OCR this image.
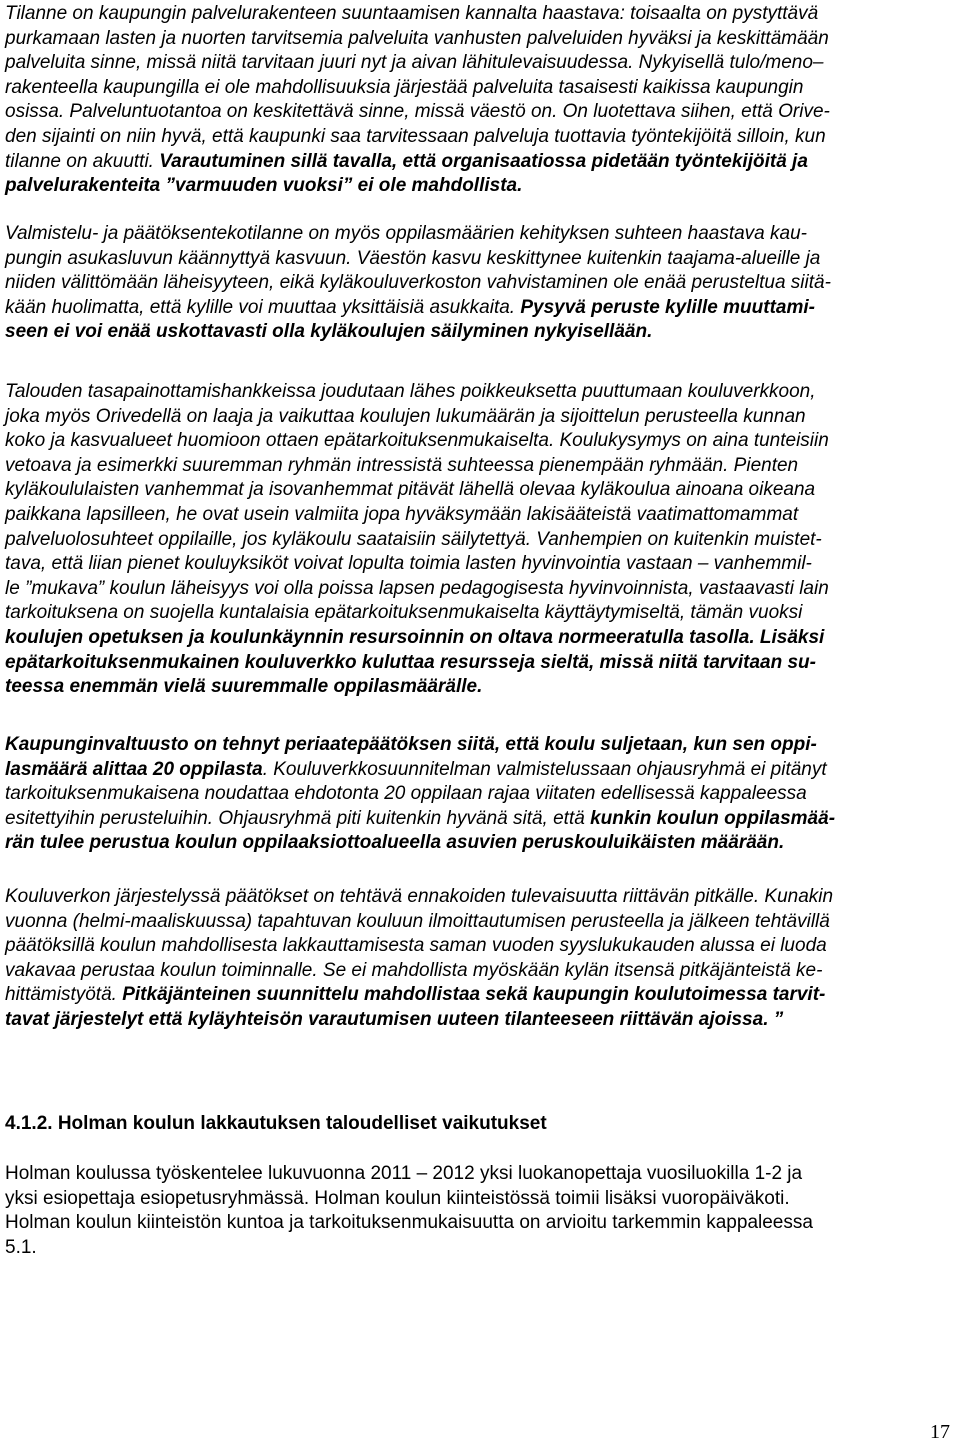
Tilanne on kaupungin palvelurakenteen suuntaamisen kannalta haastava: toisaalta on pystyttävä
purkamaan lasten ja nuorten tarvitsemia palveluita vanhusten palveluiden hyväksi ja keskittämään
palveluita sinne, missä niitä tarvitaan juuri nyt ja aivan lähitulevaisuudessa. Nykyisellä tulo/meno–
rakenteella kaupungilla ei ole mahdollisuuksia järjestää palveluita tasaisesti kaikissa kaupungin
osissa. Palveluntuotantoa on keskitettävä sinne, missä väestö on. On luotettava siihen, että Orive-
den sijainti on niin hyvä, että kaupunki saa tarvitessaan palveluja tuottavia työntekijöitä silloin, kun
tilanne on akuutti. Varautuminen sillä tavalla, että organisaatiossa pidetään työntekijöitä ja
palvelurakenteita ”varmuuden vuoksi” ei ole mahdollista.
Valmistelu- ja päätöksentekotilanne on myös oppilasmäärien kehityksen suhteen haastava kau-
pungin asukasluvun käännyttyä kasvuun. Väestön kasvu keskittynee kuitenkin taajama-alueille ja
niiden välittömään läheisyyteen, eikä kyläkouluverkoston vahvistaminen ole enää perusteltua siitä-
kään huolimatta, että kylille voi muuttaa yksittäisiä asukkaita. Pysyvä peruste kylille muuttami-
seen ei voi enää uskottavasti olla kyläkoulujen säilyminen nykyisellään.
Talouden tasapainottamishankkeissa joudutaan lähes poikkeuksetta puuttumaan kouluverkkoon,
joka myös Orivedellä on laaja ja vaikuttaa koulujen lukumäärän ja sijoittelun perusteella kunnan
koko ja kasvualueet huomioon ottaen epätarkoituksenmukaiselta. Koulukysymys on aina tunteisiin
vetoava ja esimerkki suuremman ryhmän intressistä suhteessa pienempään ryhmään. Pienten
kyläkoululaisten vanhemmat ja isovanhemmat pitävät lähellä olevaa kyläkoulua ainoana oikeana
paikkana lapsilleen, he ovat usein valmiita jopa hyväksymään lakisääteistä vaatimattomammat
palveluolosuhteet oppilaille, jos kyläkoulu saataisiin säilytettyä. Vanhempien on kuitenkin muistet-
tava, että liian pienet kouluyksiköt voivat lopulta toimia lasten hyvinvointia vastaan – vanhemmil-
le ”mukava” koulun läheisyys voi olla poissa lapsen pedagogisesta hyvinvoinnista, vastaavasti lain
tarkoituksena on suojella kuntalaisia epätarkoituksenmukaiselta käyttäytymiseltä, tämän vuoksi
koulujen opetuksen ja koulunkäynnin resursoinnin on oltava normeeratulla tasolla. Lisäksi
epätarkoituksenmukainen kouluverkko kuluttaa resursseja sieltä, missä niitä tarvitaan su-
teessa enemmän vielä suuremmalle oppilasmäärälle.
Kaupunginvaltuusto on tehnyt periaatepäätöksen siitä, että koulu suljetaan, kun sen oppi-
lasmäärä alittaa 20 oppilasta. Kouluverkkosuunnitelman valmistelussaan ohjausryhmä ei pitänyt
tarkoituksenmukaisena noudattaa ehdotonta 20 oppilaan rajaa viitaten edellisessä kappaleessa
esitettyihin perusteluihin. Ohjausryhmä piti kuitenkin hyvänä sitä, että kunkin koulun oppilasmää-
rän tulee perustua koulun oppilaaksiottoalueella asuvien peruskouluikäisten määrään.
Kouluverkon järjestelyssä päätökset on tehtävä ennakoiden tulevaisuutta riittävän pitkälle. Kunakin
vuonna (helmi-maaliskuussa) tapahtuvan kouluun ilmoittautumisen perusteella ja jälkeen tehtävillä
päätöksillä koulun mahdollisesta lakkauttamisesta saman vuoden syyslukukauden alussa ei luoda
vakavaa perustaa koulun toiminnalle. Se ei mahdollista myöskään kylän itsensä pitkäjänteistä ke-
hittämistyötä. Pitkäjänteinen suunnittelu mahdollistaa sekä kaupungin koulutoimessa tarvit-
tavat järjestelyt että kyläyhteisön varautumisen uuteen tilanteeseen riittävän ajoissa. ”
4.1.2. Holman koulun lakkautuksen taloudelliset vaikutukset
Holman koulussa työskentelee lukuvuonna 2011 – 2012 yksi luokanopettaja vuosiluokilla 1-2 ja
yksi esiopettaja esiopetusryhmässä. Holman koulun kiinteistössä toimii lisäksi vuoropäiväkoti.
Holman koulun kiinteistön kuntoa ja tarkoituksenmukaisuutta on arvioitu tarkemmin kappaleessa
5.1.
17
